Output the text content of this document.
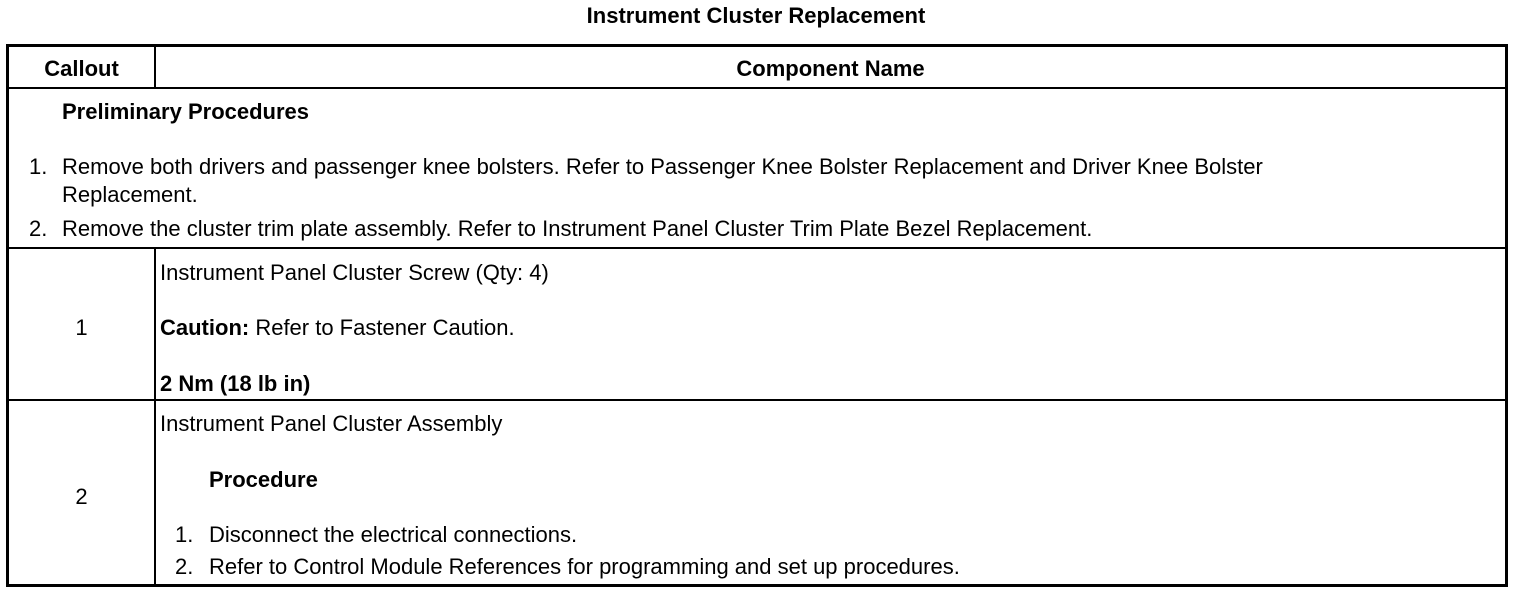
Instrument Cluster Replacement
Callout	Component Name
Preliminary Procedures
1. Remove both drivers and passenger knee bolsters. Refer to Passenger Knee Bolster Replacement and Driver Knee Bolster
Replacement.
2. Remove the cluster trim plate assembly. Refer to Instrument Panel Cluster Trim Plate Bezel Replacement.
1
Instrument Panel Cluster Screw (Qty: 4)
Caution: Refer to Fastener Caution.
2 Nm (18 lb in)
2
Instrument Panel Cluster Assembly
Procedure
1. Disconnect the electrical connections.
2. Refer to Control Module References for programming and set up procedures.
